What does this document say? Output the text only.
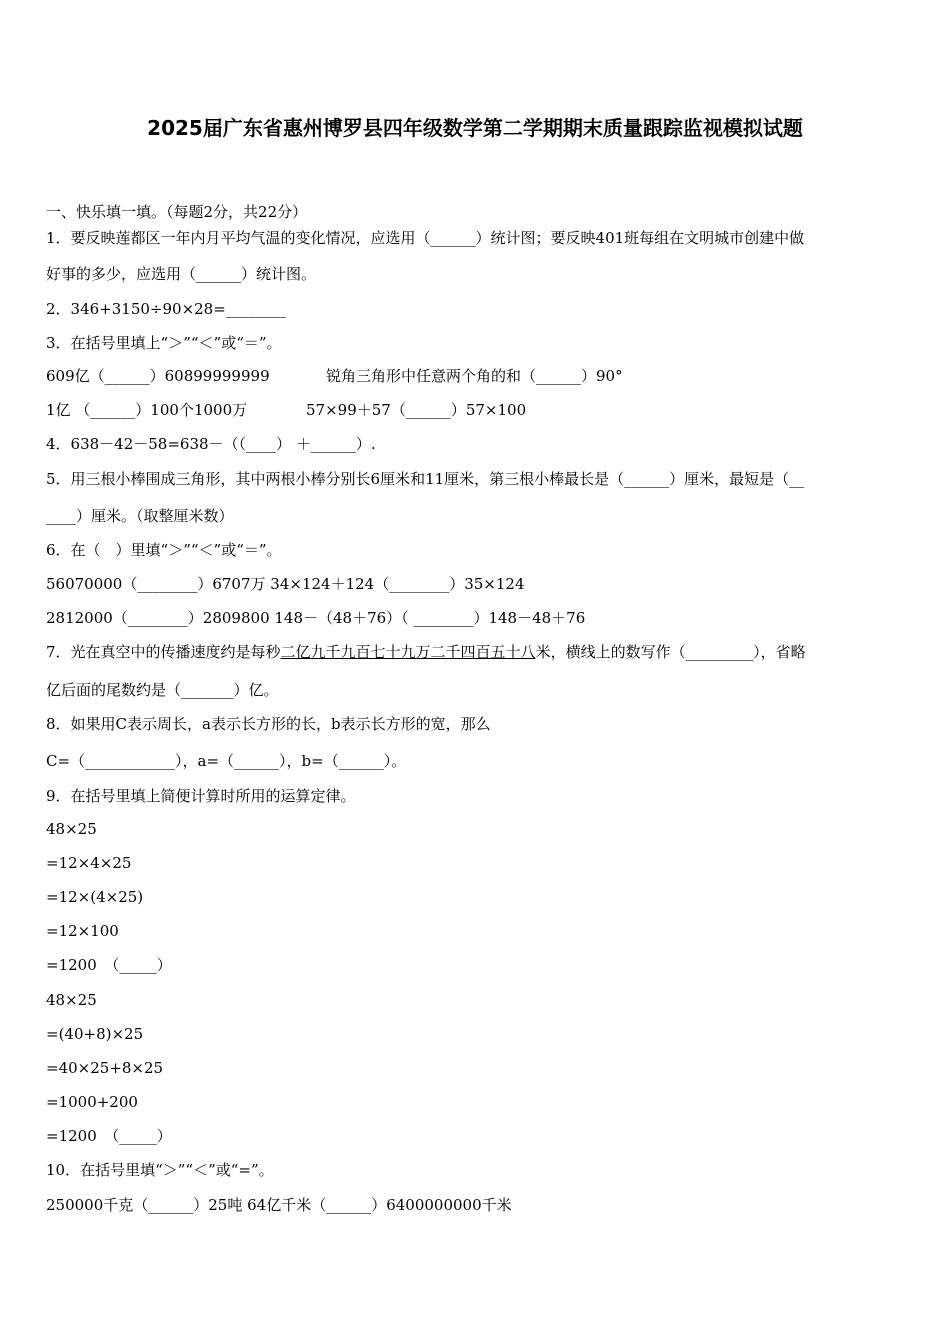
2025届广东省惠州博罗县四年级数学第二学期期末质量跟踪监视模拟试题
一、快乐填一填。（每题2分，共22分）
1．要反映莲都区一年内月平均气温的变化情况，应选用（______）统计图；要反映401班每组在文明城市创建中做
好事的多少，应选用（______）统计图。
2．346+3150÷90×28=________
3．在括号里填上“＞”“＜”或“＝”。
609亿（______）60899999999	锐角三角形中任意两个角的和（______）90°
1亿 （______）100个1000万	57×99＋57（______）57×100
4．638－42－58=638－（（____） ＋______）.
5．用三根小棒围成三角形，其中两根小棒分别长6厘米和11厘米，第三根小棒最长是（______）厘米，最短是（__
____）厘米。（取整厘米数）
6．在（　）里填“＞”“＜”或“＝”。
56070000（________）6707万 34×124＋124（________）35×124
2812000（________）2809800 148－（48＋76）（ ________）148－48＋76
7．光在真空中的传播速度约是每秒二亿九千九百七十九万二千四百五十八米，横线上的数写作（_________），省略
亿后面的尾数约是（_______）亿。
8．如果用C表示周长，a表示长方形的长，b表示长方形的宽，那么
C=（____________），a=（______），b=（______）。
9．在括号里填上简便计算时所用的运算定律。
48×25
=12×4×25
=12×(4×25)
=12×100
=1200　（_____）
48×25
=(40+8)×25
=40×25+8×25
=1000+200
=1200　（_____）
10．在括号里填“＞”“＜”或“=”。
250000千克（______）25吨 64亿千米（______）6400000000千米
